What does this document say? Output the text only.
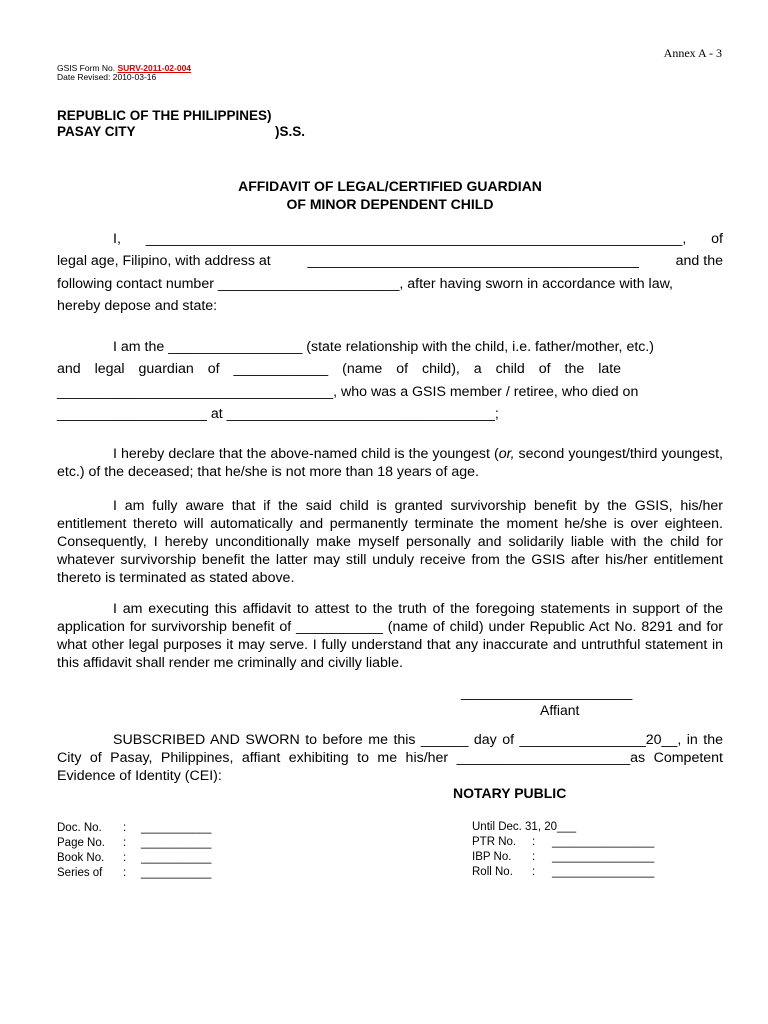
Annex A - 3
GSIS Form No. SURV-2011-02-004
Date Revised: 2010-03-16
REPUBLIC OF THE PHILIPPINES)
PASAY CITY	)S.S.
AFFIDAVIT OF LEGAL/CERTIFIED GUARDIAN
OF MINOR DEPENDENT CHILD
I, ____________________________________________________________________, of
legal age, Filipino, with address at	__________________________________________	and the
following contact number _______________________, after having sworn in accordance with law,
hereby depose and state:
I am the _________________ (state relationship with the child, i.e. father/mother, etc.)
and legal guardian of ____________ (name of child), a child of the late
___________________________________, who was a GSIS member / retiree, who died on
___________________ at __________________________________;
I hereby declare that the above-named child is the youngest (or, second youngest/third youngest, etc.) of the deceased; that he/she is not more than 18 years of age.
I am fully aware that if the said child is granted survivorship benefit by the GSIS, his/her entitlement thereto will automatically and permanently terminate the moment he/she is over eighteen. Consequently, I hereby unconditionally make myself personally and solidarily liable with the child for whatever survivorship benefit the latter may still unduly receive from the GSIS after his/her entitlement thereto is terminated as stated above.
I am executing this affidavit to attest to the truth of the foregoing statements in support of the application for survivorship benefit of ___________ (name of child) under Republic Act No. 8291 and for what other legal purposes it may serve. I fully understand that any inaccurate and untruthful statement in this affidavit shall render me criminally and civilly liable.
______________________
Affiant
SUBSCRIBED AND SWORN to before me this ______ day of ________________20__, in the City of Pasay, Philippines, affiant exhibiting to me his/her ______________________as Competent Evidence of Identity (CEI):
NOTARY PUBLIC
Doc. No.	:	___________
Page No.	:	___________
Book No.	:	___________
Series of	:	___________
Until Dec. 31, 20___
PTR No.	:	________________
IBP No.	:	________________
Roll No.	:	________________
